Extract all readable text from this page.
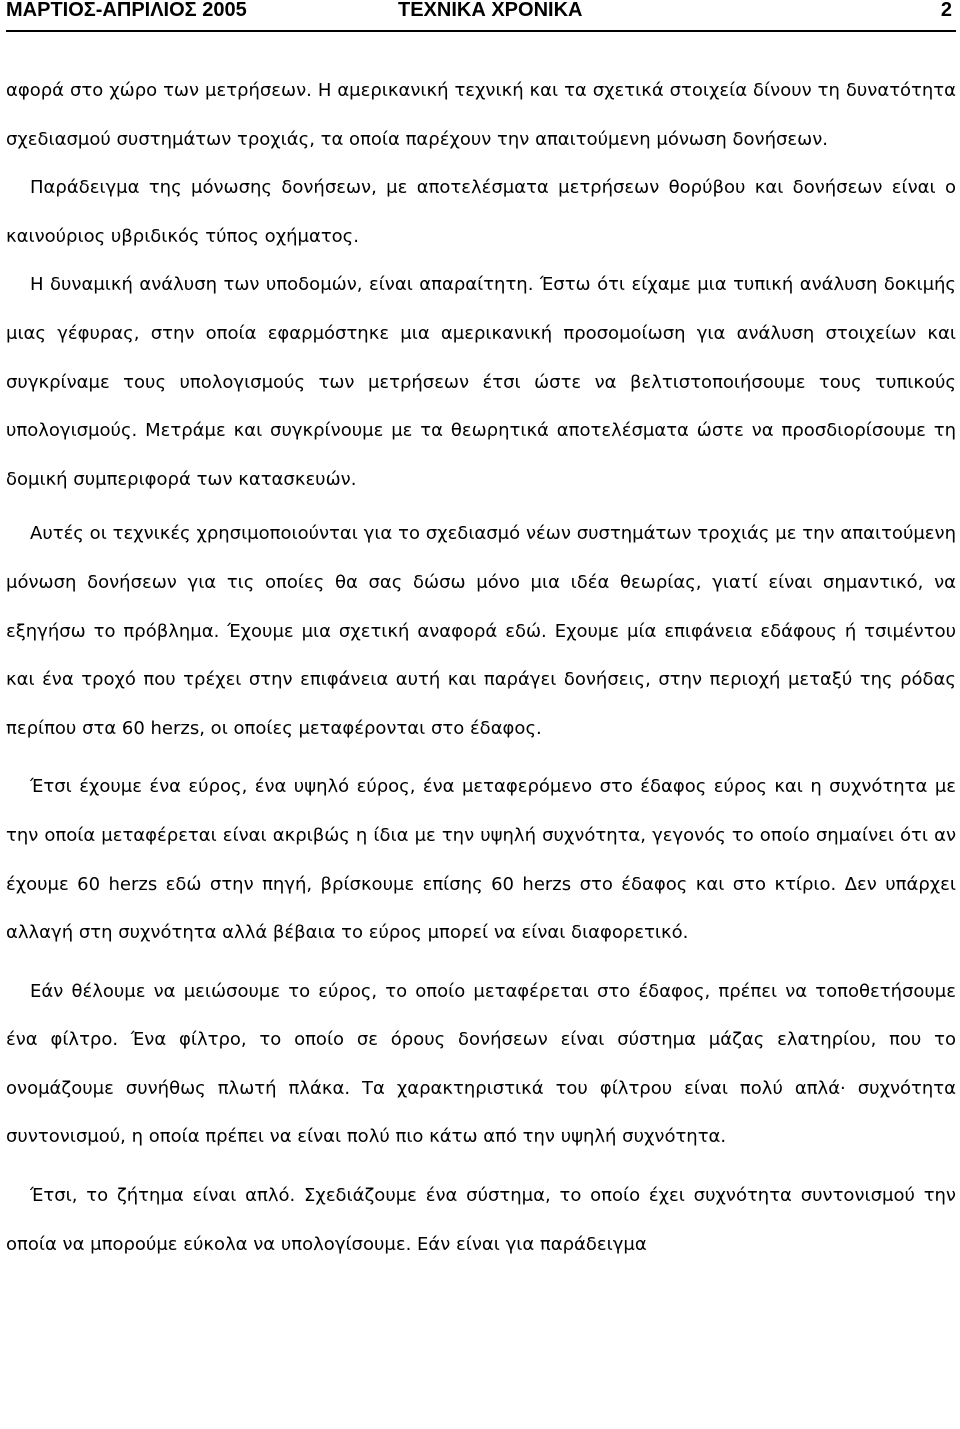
ΜΑΡΤΙΟΣ-ΑΠΡΙΛΙΟΣ 2005	ΤΕΧΝΙΚΑ ΧΡΟΝΙΚΑ	2

αφορά στο χώρο των μετρήσεων. Η αμερικανική τεχνική και τα σχετικά στοιχεία δίνουν τη δυνατότητα σχεδιασμού συστημάτων τροχιάς, τα οποία παρέχουν την απαιτούμενη μόνωση δονήσεων.

Παράδειγμα της μόνωσης δονήσεων, με αποτελέσματα μετρήσεων θορύβου και δονήσεων είναι ο καινούριος υβριδικός τύπος οχήματος.

Η δυναμική ανάλυση των υποδομών, είναι απαραίτητη. Έστω ότι είχαμε μια τυπική ανάλυση δοκιμής μιας γέφυρας, στην οποία εφαρμόστηκε μια αμερικανική προσομοίωση για ανάλυση στοιχείων και συγκρίναμε τους υπολογισμούς των μετρήσεων έτσι ώστε να βελτιστοποιήσουμε τους τυπικούς υπολογισμούς. Μετράμε και συγκρίνουμε με τα θεωρητικά αποτελέσματα ώστε να προσδιορίσουμε τη δομική συμπεριφορά των κατασκευών.

Αυτές οι τεχνικές χρησιμοποιούνται για το σχεδιασμό νέων συστημάτων τροχιάς με την απαιτούμενη μόνωση δονήσεων για τις οποίες θα σας δώσω μόνο μια ιδέα θεωρίας, γιατί είναι σημαντικό, να εξηγήσω το πρόβλημα. Έχουμε μια σχετική αναφορά εδώ. Εχουμε μία επιφάνεια εδάφους ή τσιμέντου και ένα τροχό που τρέχει στην επιφάνεια αυτή και παράγει δονήσεις, στην περιοχή μεταξύ της ρόδας περίπου στα 60 herzs, οι οποίες μεταφέρονται στο έδαφος.

Έτσι έχουμε ένα εύρος, ένα υψηλό εύρος, ένα μεταφερόμενο στο έδαφος εύρος και η συχνότητα με την οποία μεταφέρεται είναι ακριβώς η ίδια με την υψηλή συχνότητα, γεγονός το οποίο σημαίνει ότι αν έχουμε 60 herzs εδώ στην πηγή, βρίσκουμε επίσης 60 herzs στο έδαφος και στο κτίριο. Δεν υπάρχει αλλαγή στη συχνότητα αλλά βέβαια το εύρος μπορεί να είναι διαφορετικό.

Εάν θέλουμε να μειώσουμε το εύρος, το οποίο μεταφέρεται στο έδαφος, πρέπει να τοποθετήσουμε ένα φίλτρο. Ένα φίλτρο, το οποίο σε όρους δονήσεων είναι σύστημα μάζας ελατηρίου, που το ονομάζουμε συνήθως πλωτή πλάκα. Τα χαρακτηριστικά του φίλτρου είναι πολύ απλά· συχνότητα συντονισμού, η οποία πρέπει να είναι πολύ πιο κάτω από την υψηλή συχνότητα.

Έτσι, το ζήτημα είναι απλό. Σχεδιάζουμε ένα σύστημα, το οποίο έχει συχνότητα συντονισμού την οποία να μπορούμε εύκολα να υπολογίσουμε. Εάν είναι για παράδειγμα
